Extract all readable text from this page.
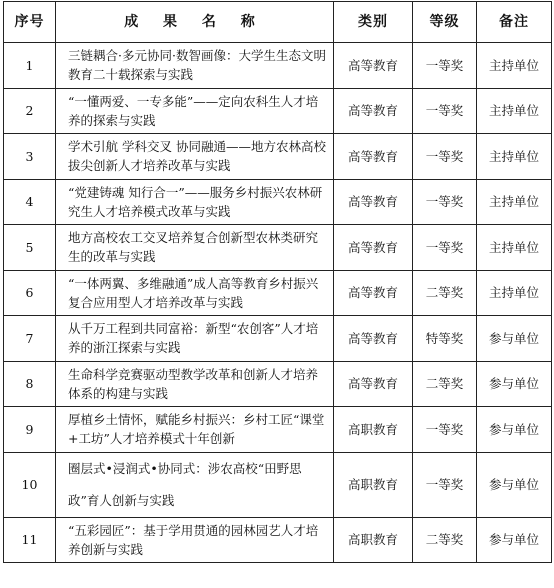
序号	成 果 名 称	类别	等级	备注
1	三链耦合·多元协同·数智画像：大学生生态文明教育二十载探索与实践	高等教育	一等奖	主持单位
2	“一懂两爱、一专多能”——定向农科生人才培养的探索与实践	高等教育	一等奖	主持单位
3	学术引航 学科交叉 协同融通——地方农林高校拔尖创新人才培养改革与实践	高等教育	一等奖	主持单位
4	“党建铸魂 知行合一”——服务乡村振兴农林研究生人才培养模式改革与实践	高等教育	一等奖	主持单位
5	地方高校农工交叉培养复合创新型农林类研究生的改革与实践	高等教育	一等奖	主持单位
6	“一体两翼、多维融通”成人高等教育乡村振兴复合应用型人才培养改革与实践	高等教育	二等奖	主持单位
7	从千万工程到共同富裕：新型“农创客”人才培养的浙江探索与实践	高等教育	特等奖	参与单位
8	生命科学竞赛驱动型教学改革和创新人才培养体系的构建与实践	高等教育	二等奖	参与单位
9	厚植乡土情怀，赋能乡村振兴：乡村工匠“课堂+工坊”人才培养模式十年创新	高职教育	一等奖	参与单位
10	圈层式•浸润式•协同式：涉农高校“田野思政”育人创新与实践	高职教育	一等奖	参与单位
11	“五彩园匠”：基于学用贯通的园林园艺人才培养创新与实践	高职教育	二等奖	参与单位
